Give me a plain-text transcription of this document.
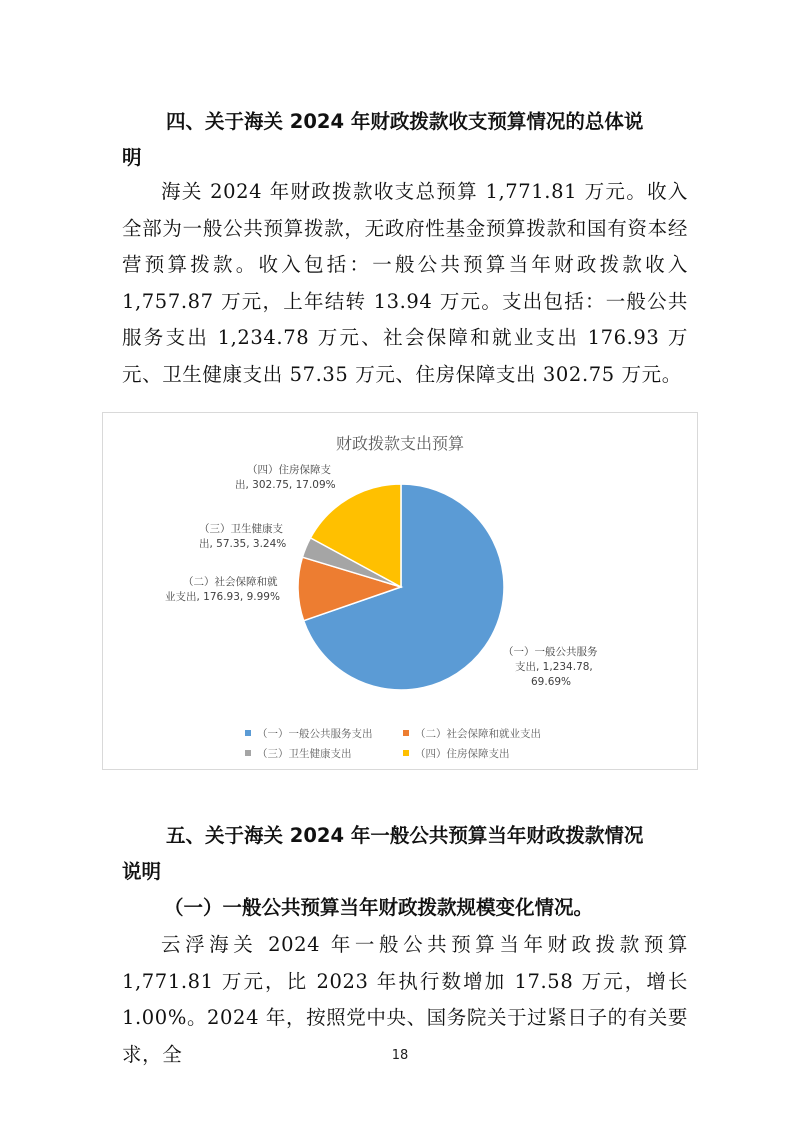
四、关于海关 2024 年财政拨款收支预算情况的总体说
明

海关 2024 年财政拨款收支总预算 1,771.81 万元。收入全部为一般公共预算拨款，无政府性基金预算拨款和国有资本经营预算拨款。收入包括：一般公共预算当年财政拨款收入 1,757.87 万元，上年结转 13.94 万元。支出包括：一般公共服务支出 1,234.78 万元、社会保障和就业支出 176.93 万元、卫生健康支出 57.35 万元、住房保障支出 302.75 万元。

财政拨款支出预算
（一）一般公共服务
支出, 1,234.78,
69.69%
（二）社会保障和就
业支出, 176.93, 9.99%
（三）卫生健康支
出, 57.35, 3.24%
（四）住房保障支
出, 302.75, 17.09%
（一）一般公共服务支出	（二）社会保障和就业支出
（三）卫生健康支出	（四）住房保障支出
五、关于海关 2024 年一般公共预算当年财政拨款情况
说明
（一）一般公共预算当年财政拨款规模变化情况。

云浮海关 2024 年一般公共预算当年财政拨款预算 1,771.81 万元，比 2023 年执行数增加 17.58 万元，增长 1.00%。2024 年，按照党中央、国务院关于过紧日子的有关要求，全	18
